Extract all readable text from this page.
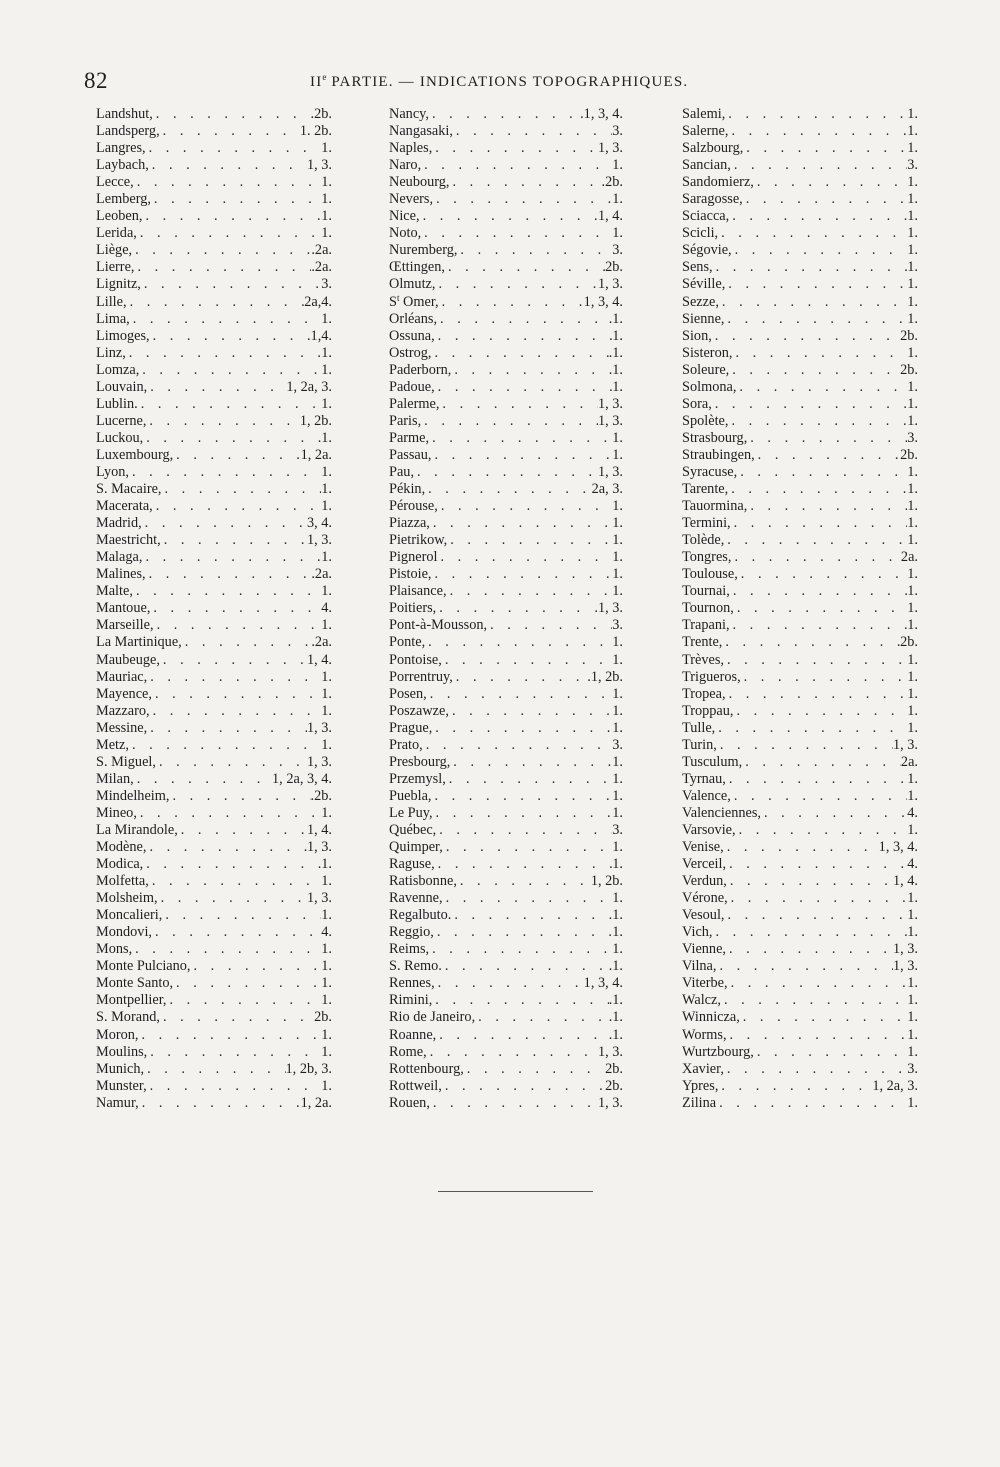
82	IIe PARTIE. — INDICATIONS TOPOGRAPHIQUES.
Landshut, . . .	.2b.
Landsperg, . . .	1. 2b.
Langres, . . .	1.
Laybach, . . .	1, 3.
Lecce, . . .	1.
Lemberg, . . .	1.
Leoben, . . .	1.
Lerida, . . .	1.
Liège, . . .	.2a.
Lierre, . . .	.2a.
Lignitz, . . .	3.
Lille, . . .	2a,4.
Lima, . . .	1.
Limoges, . . .	.1,4.
Linz, . . .	1.
Lomza, . . .	1.
Louvain, . . .	1, 2a, 3.
Lublin. . . .	1.
Lucerne, . . .	1, 2b.
Luckou, . . .	1.
Luxembourg, . . .	1, 2a.
Lyon, . . .	1.
S. Macaire, . . .	1.
Macerata, . . .	1.
Madrid, . . .	3, 4.
Maestricht, . . .	1, 3.
Malaga, . . .	1.
Malines, . . .	.2a.
Malte, . . .	1.
Mantoue, . . .	4.
Marseille, . . .	1.
La Martinique, . . .	.2a.
Maubeuge, . . .	1, 4.
Mauriac, . . .	1.
Mayence, . . .	1.
Mazzaro, . . .	1.
Messine, . . .	1, 3.
Metz, . . .	1.
S. Miguel, . . .	1, 3.
Milan, . . .	1, 2a, 3, 4.
Mindelheim, . . .	.2b.
Mineo, . . .	1.
La Mirandole, . . .	1, 4.
Modène, . . .	1, 3.
Modica, . . .	1.
Molfetta, . . .	1.
Molsheim, . . .	1, 3.
Moncalieri, . . .	1.
Mondovi, . . .	4.
Mons, . . .	1.
Monte Pulciano, . . .	1.
Monte Santo, . . .	1.
Montpellier, . . .	1.
S. Morand, . . .	2b.
Moron, . . .	1.
Moulins, . . .	1.
Munich, . . .	1, 2b, 3.
Munster, . . .	1.
Namur, . . .	1, 2a.
Nancy, . . .	.1, 3, 4.
Nangasaki, . . .	3.
Naples, . . .	1, 3.
Naro, . . .	1.
Neubourg, . . .	.2b.
Nevers, . . .	1.
Nice, . . .	1, 4.
Noto, . . .	1.
Nuremberg, . . .	3.
Œttingen, . . .	2b.
Olmutz, . . .	1, 3.
$S^t$ Omer, . . .	1, 3, 4.
Orléans, . . .	.1.
Ossuna, . . .	1.
Ostrog, . . .	.1.
Paderborn, . . .	.1.
Padoue, . . .	1.
Palerme, . . .	1, 3.
Paris, . . .	1, 3.
Parme, . . .	1.
Passau, . . .	1.
Pau, . . .	1, 3.
Pékin, . . .	2a, 3.
Pérouse, . . .	1.
Piazza, . . .	1.
Pietrikow, . . .	1.
Pignerol . . .	1.
Pistoie, . . .	1.
Plaisance, . . .	1.
Poitiers, . . .	.1, 3.
Pont-à-Mousson, . . .	3.
Ponte, . . .	1.
Pontoise, . . .	1.
Porrentruy, . . .	.1, 2b.
Posen, . . .	1.
Poszawze, . . .	1.
Prague, . . .	1.
Prato, . . .	3.
Presbourg, . . .	1.
Przemysl, . . .	1.
Puebla, . . .	1.
Le Puy, . . .	1.
Québec, . . .	3.
Quimper, . . .	1.
Raguse, . . .	1.
Ratisbonne, . . .	1, 2b.
Ravenne, . . .	1.
Regalbuto. . . .	1.
Reggio, . . .	1.
Reims, . . .	1.
S. Remo. . . .	.1.
Rennes, . . .	1, 3, 4.
Rimini, . . .	.1.
Rio de Janeiro, . . .	.1.
Roanne, . . .	.1.
Rome, . . .	1, 3.
Rottenbourg, . . .	2b.
Rottweil, . . .	2b.
Rouen, . . .	1, 3.
Salemi, . . .	1.
Salerne, . . .	1.
Salzbourg, . . .	1.
Sancian, . . .	3.
Sandomierz, . . .	1.
Saragosse, . . .	1.
Sciacca, . . .	1.
Scicli, . . .	1.
Ségovie, . . .	1.
Sens, . . .	1.
Séville, . . .	1.
Sezze, . . .	1.
Sienne, . . .	1.
Sion, . . .	2b.
Sisteron, . . .	1.
Soleure, . . .	2b.
Solmona, . . .	1.
Sora, . . .	1.
Spolète, . . .	1.
Strasbourg, . . .	3.
Straubingen, . . .	2b.
Syracuse, . . .	1.
Tarente, . . .	1.
Tauormina, . . .	1.
Termini, . . .	1.
Tolède, . . .	1.
Tongres, . . .	2a.
Toulouse, . . .	1.
Tournai, . . .	1.
Tournon, . . .	1.
Trapani, . . .	1.
Trente, . . .	2b.
Trèves, . . .	1.
Trigueros, . . .	1.
Tropea, . . .	1.
Troppau, . . .	1.
Tulle, . . .	1.
Turin, . . .	1, 3.
Tusculum, . . .	2a.
Tyrnau, . . .	1.
Valence, . . .	1.
Valenciennes, . . .	4.
Varsovie, . . .	1.
Venise, . . .	1, 3, 4.
Verceil, . . .	4.
Verdun, . . .	1, 4.
Vérone, . . .	1.
Vesoul, . . .	1.
Vich, . . .	1.
Vienne, . . .	1, 3.
Vilna, . . .	1, 3.
Viterbe, . . .	1.
Walcz, . . .	1.
Winnicza, . . .	1.
Worms, . . .	1.
Wurtzbourg, . . .	1.
Xavier, . . .	3.
Ypres, . . .	1, 2a, 3.
Zilina . . .	1.
